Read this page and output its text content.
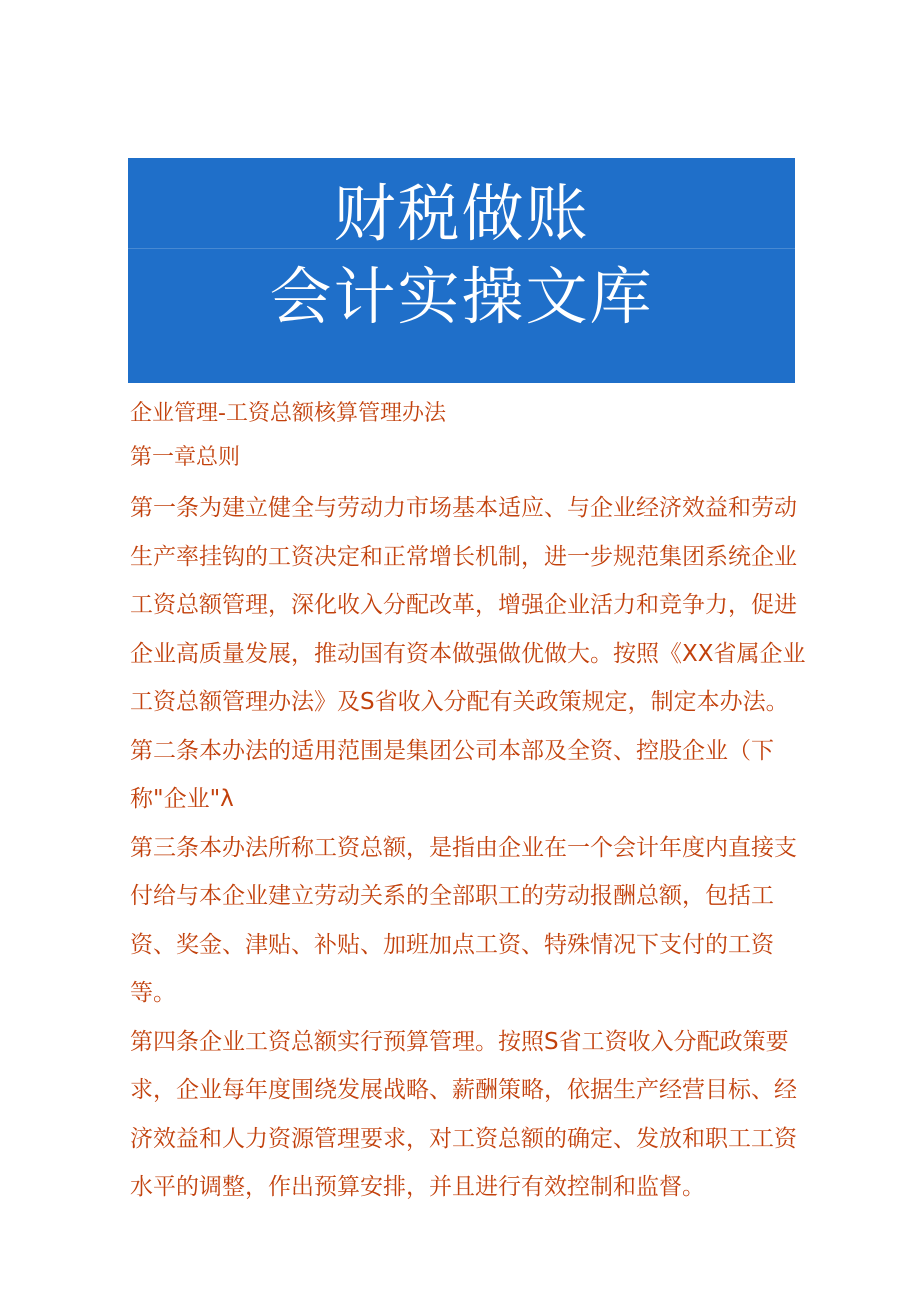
财税做账
会计实操文库

企业管理-工资总额核算管理办法

第一章总则

第一条为建立健全与劳动力市场基本适应、与企业经济效益和劳动生产率挂钩的工资决定和正常增长机制，进一步规范集团系统企业工资总额管理，深化收入分配改革，增强企业活力和竞争力，促进企业高质量发展，推动国有资本做强做优做大。按照《XX省属企业工资总额管理办法》及S省收入分配有关政策规定，制定本办法。

第二条本办法的适用范围是集团公司本部及全资、控股企业（下称"企业"λ

第三条本办法所称工资总额，是指由企业在一个会计年度内直接支付给与本企业建立劳动关系的全部职工的劳动报酬总额，包括工资、奖金、津贴、补贴、加班加点工资、特殊情况下支付的工资等。

第四条企业工资总额实行预算管理。按照S省工资收入分配政策要求，企业每年度围绕发展战略、薪酬策略，依据生产经营目标、经济效益和人力资源管理要求，对工资总额的确定、发放和职工工资水平的调整，作出预算安排，并且进行有效控制和监督。
